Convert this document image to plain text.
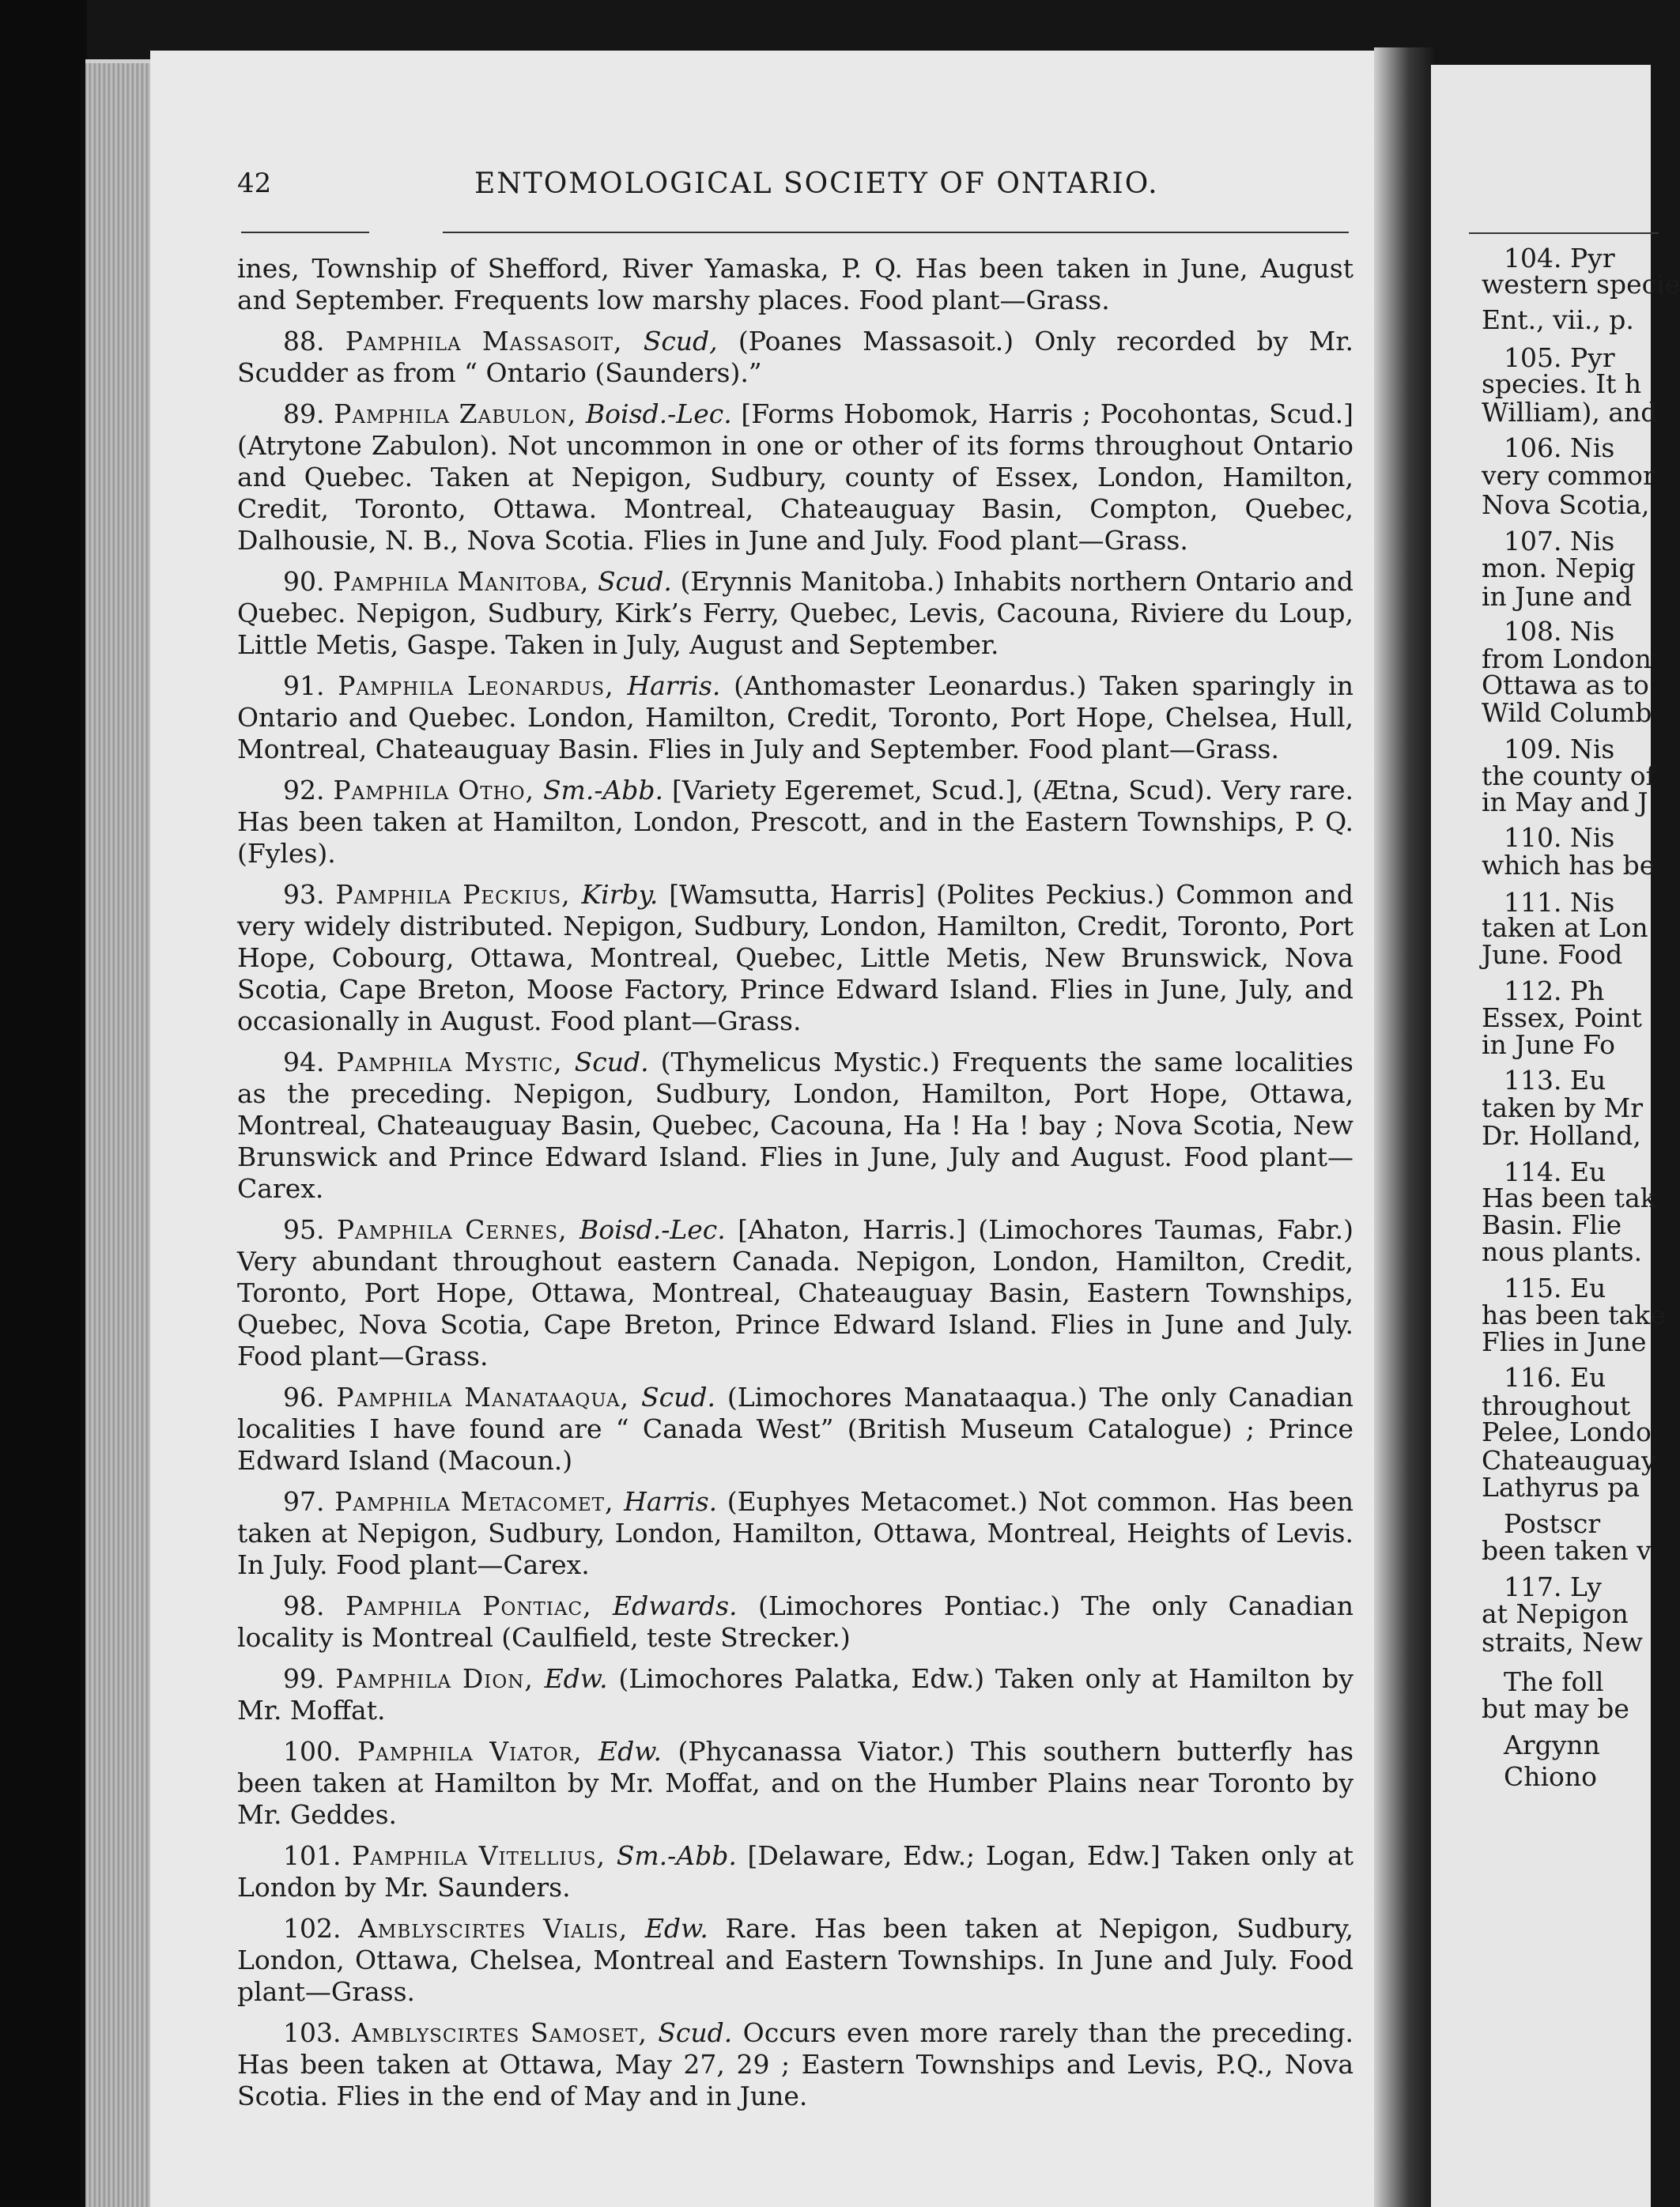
42	ENTOMOLOGICAL SOCIETY OF ONTARIO.

ines, Township of Shefford, River Yamaska, P. Q. Has been taken in June, August and September. Frequents low marshy places. Food plant—Grass.

88. Pamphila Massasoit, Scud, (Poanes Massasoit.) Only recorded by Mr. Scudder as from “ Ontario (Saunders).”

89. Pamphila Zabulon, Boisd.-Lec. [Forms Hobomok, Harris ; Pocohontas, Scud.] (Atrytone Zabulon). Not uncommon in one or other of its forms throughout Ontario and Quebec. Taken at Nepigon, Sudbury, county of Essex, London, Hamilton, Credit, Toronto, Ottawa. Montreal, Chateauguay Basin, Compton, Quebec, Dalhousie, N. B., Nova Scotia. Flies in June and July. Food plant—Grass.

90. Pamphila Manitoba, Scud. (Erynnis Manitoba.) Inhabits northern Ontario and Quebec. Nepigon, Sudbury, Kirk’s Ferry, Quebec, Levis, Cacouna, Riviere du Loup, Little Metis, Gaspe. Taken in July, August and September.

91. Pamphila Leonardus, Harris. (Anthomaster Leonardus.) Taken sparingly in Ontario and Quebec. London, Hamilton, Credit, Toronto, Port Hope, Chelsea, Hull, Montreal, Chateauguay Basin. Flies in July and September. Food plant—Grass.

92. Pamphila Otho, Sm.-Abb. [Variety Egeremet, Scud.], (Ætna, Scud). Very rare. Has been taken at Hamilton, London, Prescott, and in the Eastern Townships, P. Q. (Fyles).

93. Pamphila Peckius, Kirby. [Wamsutta, Harris] (Polites Peckius.) Common and very widely distributed. Nepigon, Sudbury, London, Hamilton, Credit, Toronto, Port Hope, Cobourg, Ottawa, Montreal, Quebec, Little Metis, New Brunswick, Nova Scotia, Cape Breton, Moose Factory, Prince Edward Island. Flies in June, July, and occasionally in August. Food plant—Grass.

94. Pamphila Mystic, Scud. (Thymelicus Mystic.) Frequents the same localities as the preceding. Nepigon, Sudbury, London, Hamilton, Port Hope, Ottawa, Montreal, Chateauguay Basin, Quebec, Cacouna, Ha ! Ha ! bay ; Nova Scotia, New Brunswick and Prince Edward Island. Flies in June, July and August. Food plant—Carex.

95. Pamphila Cernes, Boisd.-Lec. [Ahaton, Harris.] (Limochores Taumas, Fabr.) Very abundant throughout eastern Canada. Nepigon, London, Hamilton, Credit, Toronto, Port Hope, Ottawa, Montreal, Chateauguay Basin, Eastern Townships, Quebec, Nova Scotia, Cape Breton, Prince Edward Island. Flies in June and July. Food plant—Grass.

96. Pamphila Manataaqua, Scud. (Limochores Manataaqua.) The only Canadian localities I have found are “ Canada West” (British Museum Catalogue) ; Prince Edward Island (Macoun.)

97. Pamphila Metacomet, Harris. (Euphyes Metacomet.) Not common. Has been taken at Nepigon, Sudbury, London, Hamilton, Ottawa, Montreal, Heights of Levis. In July. Food plant—Carex.

98. Pamphila Pontiac, Edwards. (Limochores Pontiac.) The only Canadian locality is Montreal (Caulfield, teste Strecker.)

99. Pamphila Dion, Edw. (Limochores Palatka, Edw.) Taken only at Hamilton by Mr. Moffat.

100. Pamphila Viator, Edw. (Phycanassa Viator.) This southern butterfly has been taken at Hamilton by Mr. Moffat, and on the Humber Plains near Toronto by Mr. Geddes.

101. Pamphila Vitellius, Sm.-Abb. [Delaware, Edw.; Logan, Edw.] Taken only at London by Mr. Saunders.

102. Amblyscirtes Vialis, Edw. Rare. Has been taken at Nepigon, Sudbury, London, Ottawa, Chelsea, Montreal and Eastern Townships. In June and July. Food plant—Grass.

103. Amblyscirtes Samoset, Scud. Occurs even more rarely than the preceding. Has been taken at Ottawa, May 27, 29 ; Eastern Townships and Levis, P.Q., Nova Scotia. Flies in the end of May and in June.

104. Pyr
western specie
Ent., vii., p.
105. Pyr
species. It h
William), and
106. Nis
very commor
Nova Scotia,
107. Nis
mon. Nepig
in June and
108. Nis
from London
Ottawa as to
Wild Columb
109. Nis
the county of
in May and J
110. Nis
which has be
111. Nis
taken at Lon
June. Food
112. Ph
Essex, Point
in June Fo
113. Eu
taken by Mr
Dr. Holland,
114. Eu
Has been tak
Basin. Flie
nous plants.
115. Eu
has been take
Flies in June
116. Eu
throughout
Pelee, Londo
Chateauguay
Lathyrus pa
Postscr
been taken v
117. Ly
at Nepigon
straits, New
The foll
but may be
Argynn
Chiono
